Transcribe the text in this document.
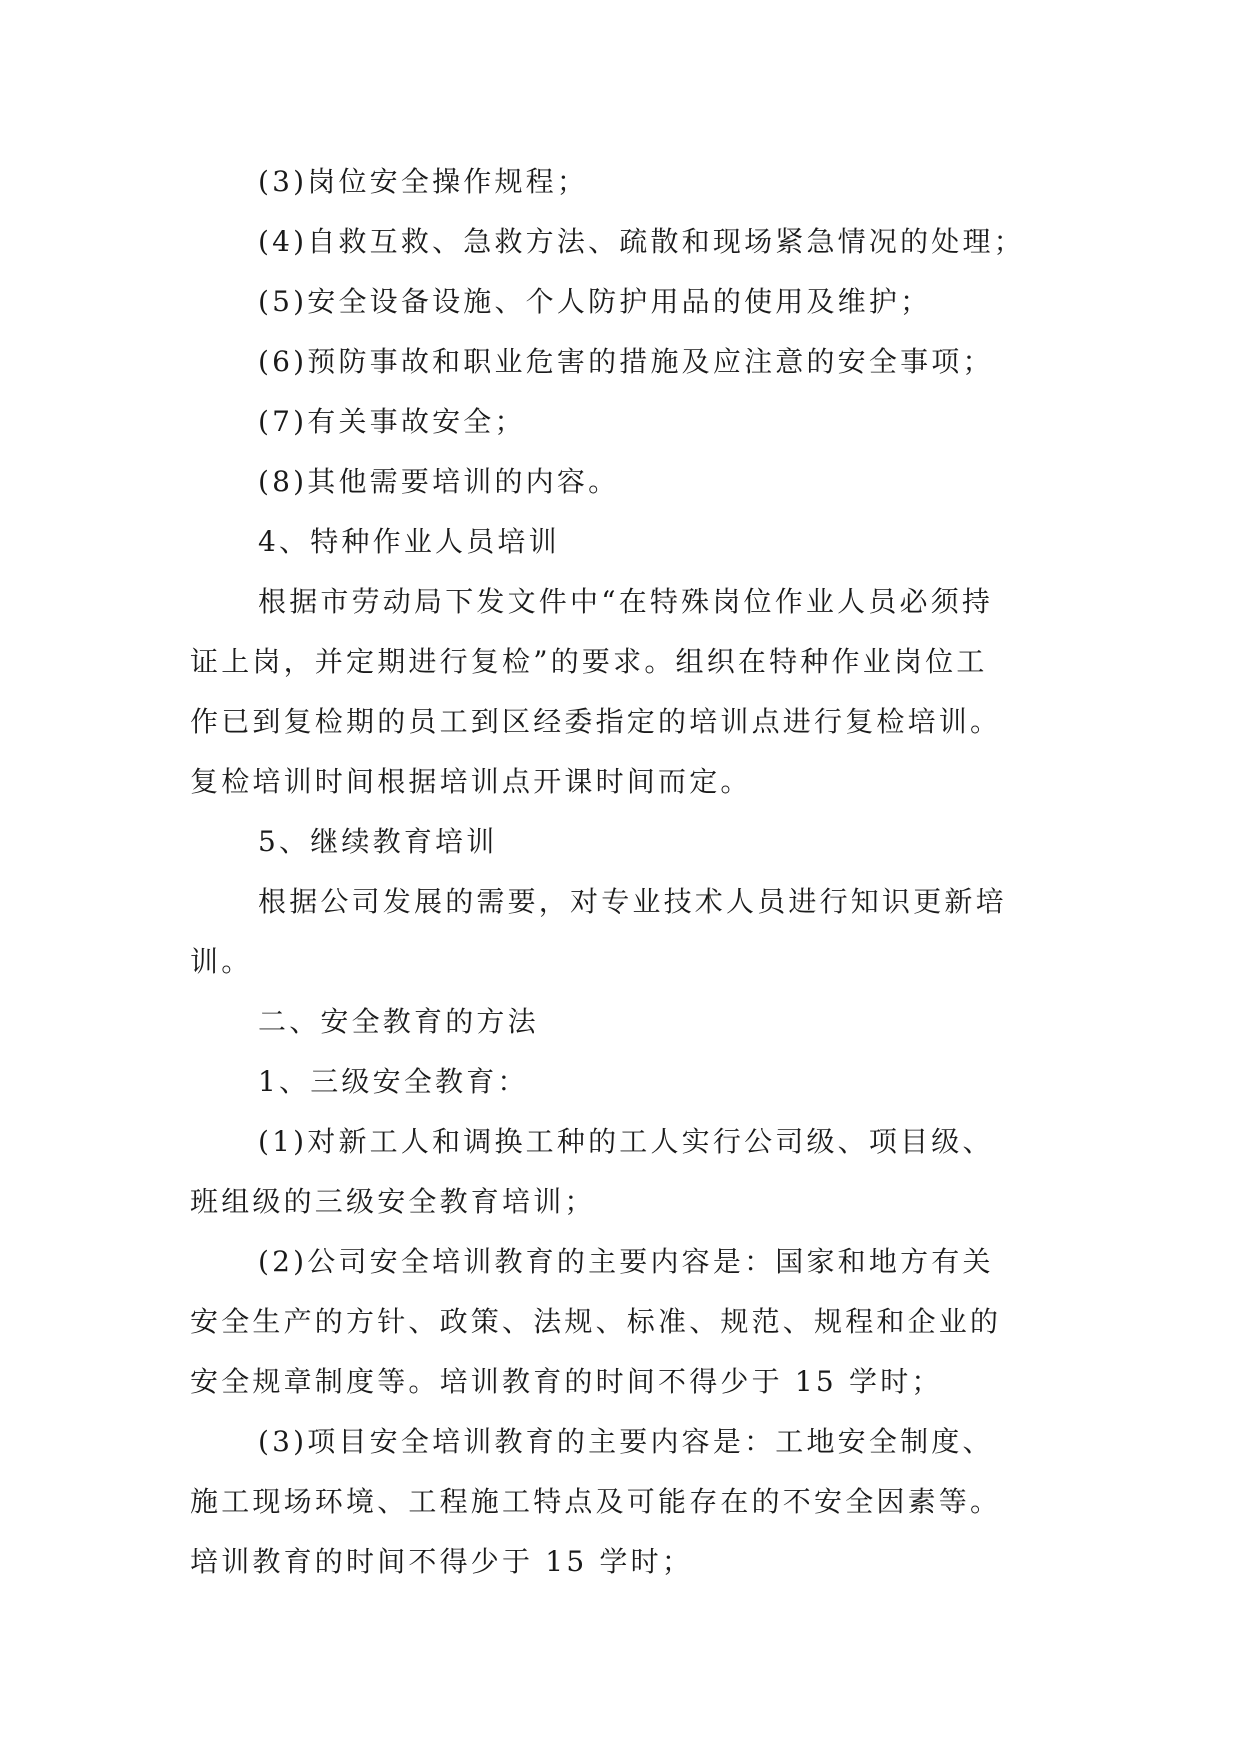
(3)岗位安全操作规程；
(4)自救互救、急救方法、疏散和现场紧急情况的处理；
(5)安全设备设施、个人防护用品的使用及维护；
(6)预防事故和职业危害的措施及应注意的安全事项；
(7)有关事故安全；
(8)其他需要培训的内容。
4、特种作业人员培训
根据市劳动局下发文件中“在特殊岗位作业人员必须持
证上岗，并定期进行复检”的要求。组织在特种作业岗位工
作已到复检期的员工到区经委指定的培训点进行复检培训。
复检培训时间根据培训点开课时间而定。
5、继续教育培训
根据公司发展的需要，对专业技术人员进行知识更新培
训。
二、安全教育的方法
1、三级安全教育：
(1)对新工人和调换工种的工人实行公司级、项目级、
班组级的三级安全教育培训；
(2)公司安全培训教育的主要内容是：国家和地方有关
安全生产的方针、政策、法规、标准、规范、规程和企业的
安全规章制度等。培训教育的时间不得少于 15 学时；
(3)项目安全培训教育的主要内容是：工地安全制度、
施工现场环境、工程施工特点及可能存在的不安全因素等。
培训教育的时间不得少于 15 学时；
